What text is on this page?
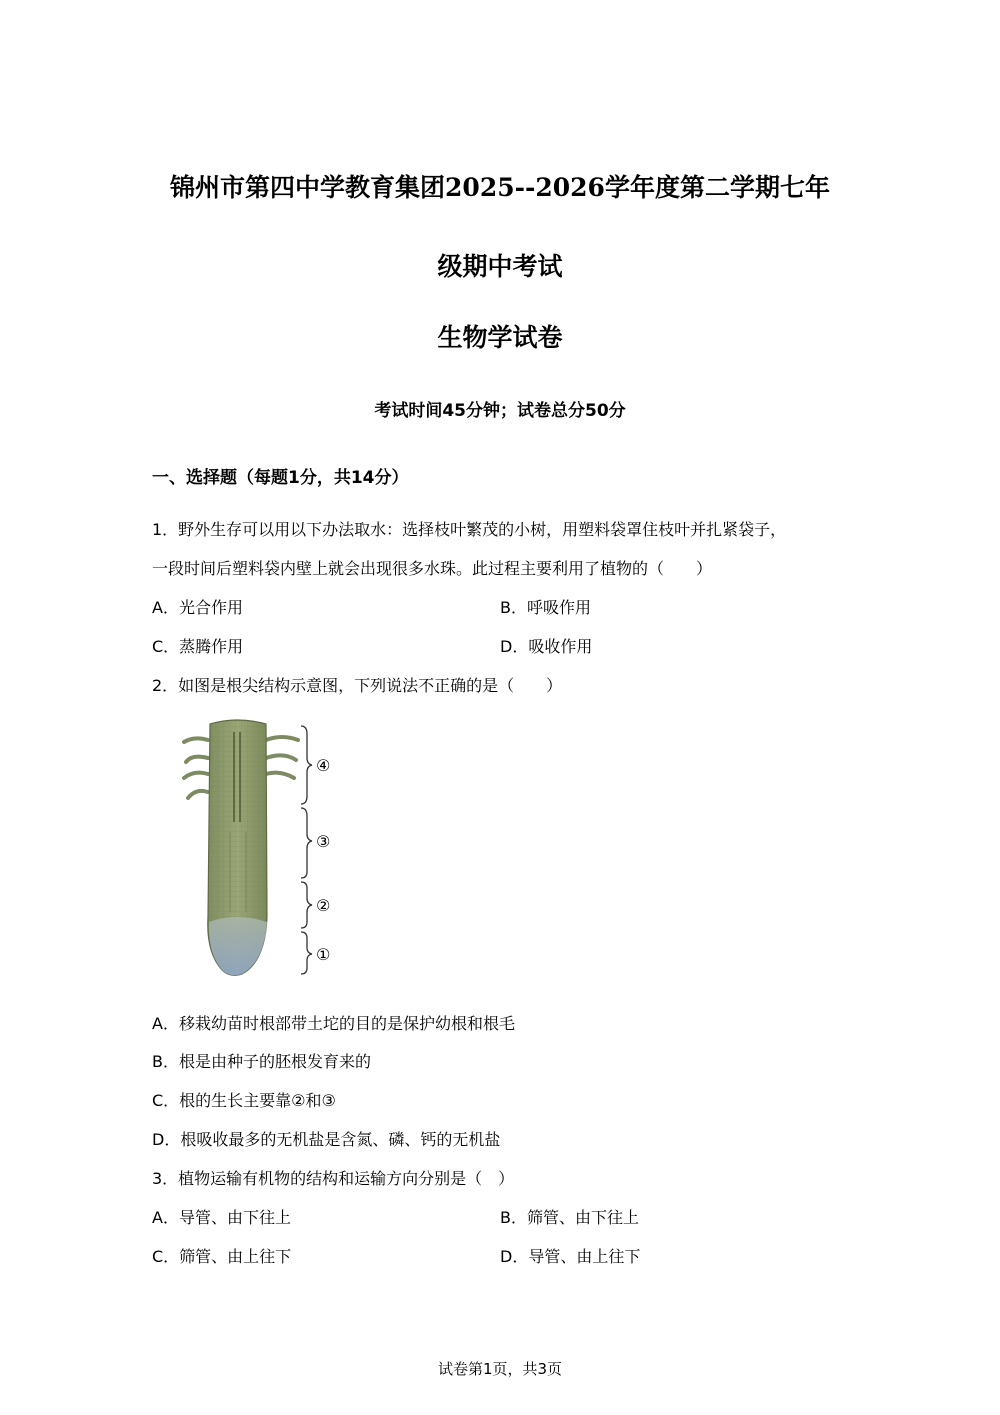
锦州市第四中学教育集团2025--2026学年度第二学期七年
级期中考试
生物学试卷
考试时间45分钟；试卷总分50分
一、选择题（每题1分，共14分）
1．野外生存可以用以下办法取水：选择枝叶繁茂的小树，用塑料袋罩住枝叶并扎紧袋子，
一段时间后塑料袋内壁上就会出现很多水珠。此过程主要利用了植物的（　　）
A．光合作用	B．呼吸作用
C．蒸腾作用	D．吸收作用
2．如图是根尖结构示意图，下列说法不正确的是（　　）
④
③
②
①
A．移栽幼苗时根部带土坨的目的是保护幼根和根毛
B．根是由种子的胚根发育来的
C．根的生长主要靠②和③
D．根吸收最多的无机盐是含氮、磷、钙的无机盐
3．植物运输有机物的结构和运输方向分别是（　）
A．导管、由下往上	B．筛管、由下往上
C．筛管、由上往下	D．导管、由上往下
试卷第1页，共3页
